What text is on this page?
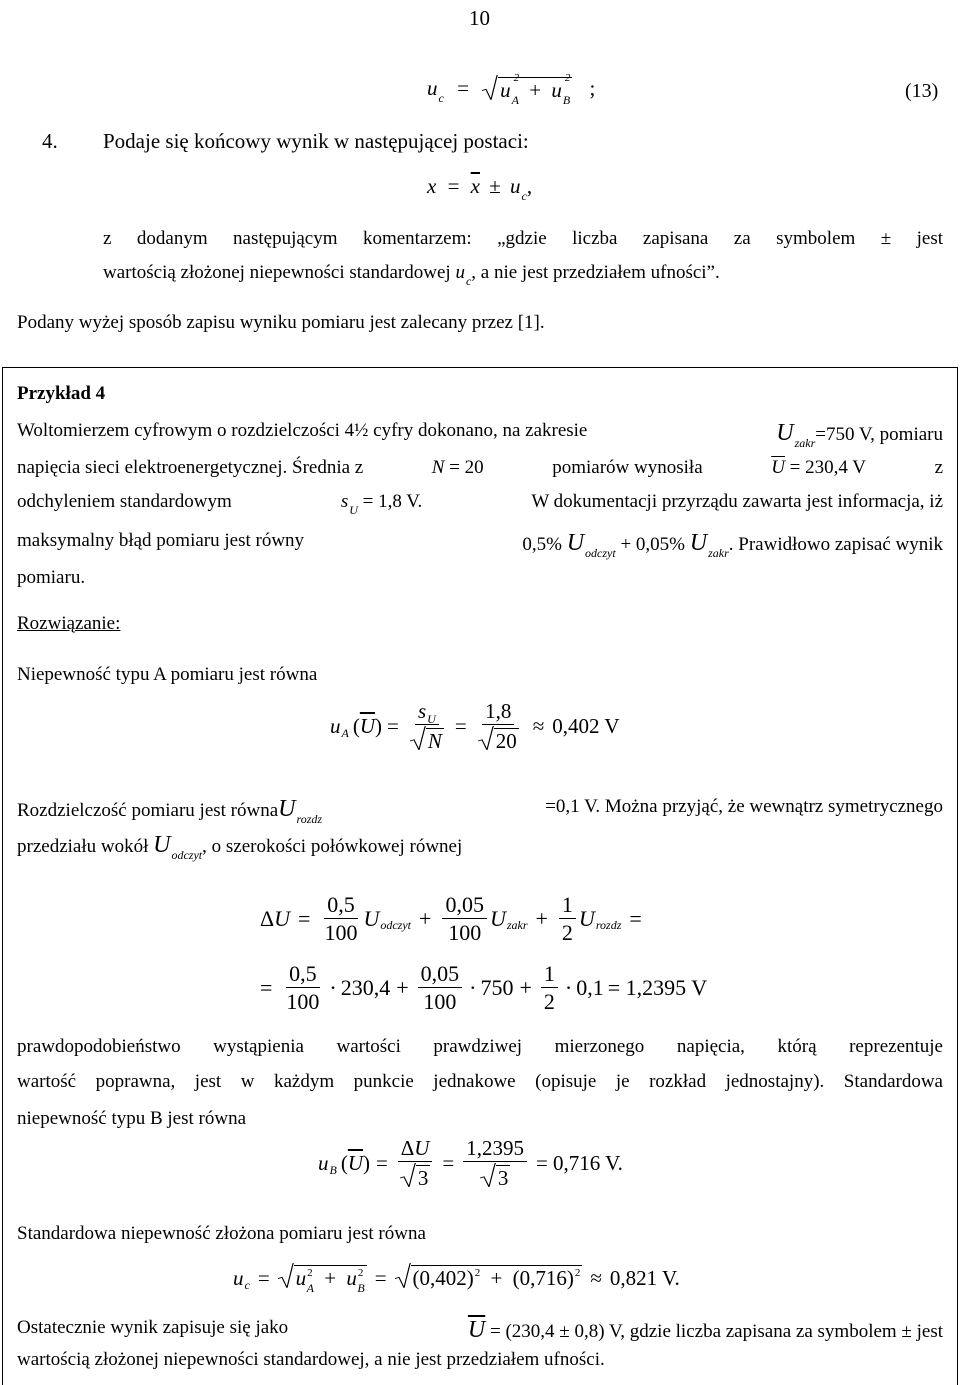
10
$u_c = u$ 2
$_A$ + u 2
$_B$ ;	(13)
4. Podaje się końcowy wynik w następującej postaci:
$x = \overline{x} \pm u_c$,
z dodanym następującym komentarzem: „gdzie liczba zapisana za symbolem ± jest
wartością złożonej niepewności standardowej $u_c$, a nie jest przedziałem ufności”.
Podany wyżej sposób zapisu wyniku pomiaru jest zalecany przez [1].
Przykład 4
Woltomierzem cyfrowym o rozdzielczości 4½ cyfry dokonano, na zakresie	$U_{zakr}=750$ V, pomiaru
napięcia sieci elektroenergetycznej. Średnia z	N = 20	pomiarów wynosiła	$\overline{U} = 230,4$ V	z
odchyleniem standardowym	$s_U = 1,8$ V.	W dokumentacji przyrządu zawarta jest informacja, iż
maksymalny błąd pomiaru jest równy	0,5% $U_{odczyt} + 0,05\%$ $U_{zakr}$. Prawidłowo zapisać wynik
pomiaru.
Rozwiązanie:
Niepewność typu A pomiaru jest równa
u A ( $\overline{U}$ ) = $\frac{s_U}{N} = \frac{1,8}{20} \approx 0,402$ V
Rozdzielczość pomiaru jest równaU$_{rozdz}$
=0,1 V. Można przyjąć, że wewnątrz symetrycznego
przedziału wokół $U_{odczyt}$, o szerokości połówkowej równej
Δ $U = \frac{0,5}{100}$ U odczyt + $\frac{0,05}{100}$ U zakr + $\frac{1}{2}$ U rozdz =
= $\frac{0,5}{100} \cdot 230,4 + \frac{0,05}{100} \cdot 750 + \frac{1}{2} \cdot 0,1 = 1,2395$ V
prawdopodobieństwo wystąpienia wartości prawdziwej mierzonego napięcia, którą reprezentuje
wartość poprawna, jest w każdym punkcie jednakowe (opisuje je rozkład jednostajny). Standardowa
niepewność typu B jest równa
u B ( $\overline{U}$ ) = $\frac{\Delta U}{3} = \frac{1,2395}{3} = 0,716$ V.
Standardowa niepewność złożona pomiaru jest równa
u c =	$u^2_A + u^2_B$ =	$(0,402)^2 + (0,716)^2 \approx 0,821$ V.
Ostatecznie wynik zapisuje się jako	$\overline{U} = (230,4 \pm 0,8)$ V, gdzie liczba zapisana za symbolem ± jest
wartością złożonej niepewności standardowej, a nie jest przedziałem ufności.
